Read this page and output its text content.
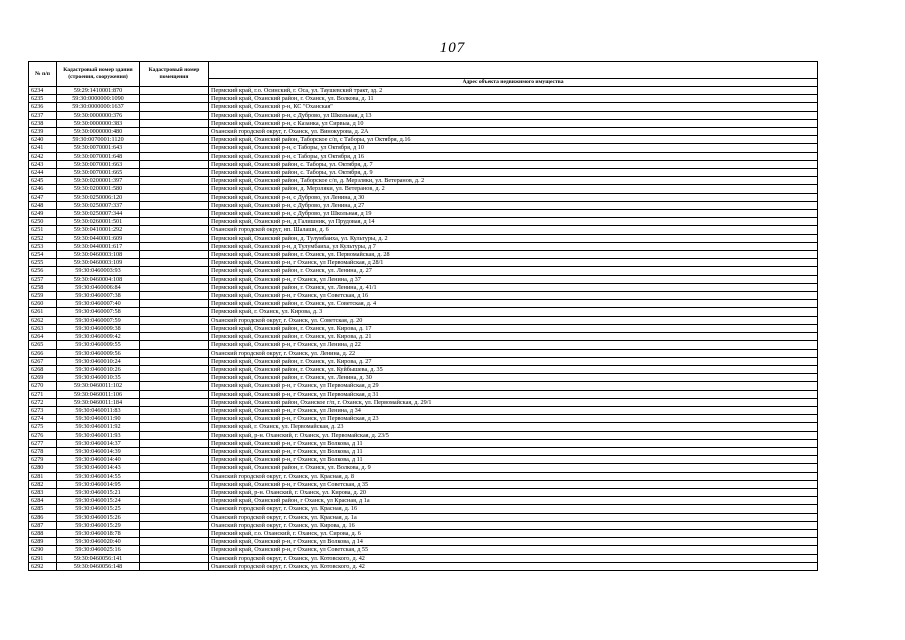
107
№ п/п	Кадастровый номер здания (строения, сооружения)	Кадастровый номер помещения	
			Адрес объекта недвижимого имущества
6234	59:29:1410001:870		Пермский край, г.о. Осинский, г. Оса, ул. Таушевский тракт, зд. 2
6235	59:30:0000000:1090		Пермский край, Оханский район, г. Оханск, ул. Волкова, д. 11
6236	59:30:0000000:1637		Пермский край, Оханский р-н, КС "Оханская"
6237	59:30:0000000:376		Пермский край, Оханский р-н, с Дуброво, ул Школьная, д 13
6238	59:30:0000000:383		Пермский край, Оханский р-н, с Казанка, ул Сирвыа, д 10
6239	59:30:0000000:480		Оханский городской округ, г. Оханск, ул. Винокурова, д. 2А
6240	59:30:0070001:1120		Пермский край, Оханский район, Таборское с/п, с Таборы, ул Октября, д.16
6241	59:30:0070001:643		Пермский край, Оханский р-н, с Таборы, ул Октября, д 10
6242	59:30:0070001:648		Пермский край, Оханский р-н, с Таборы, ул Октября, д 16
6243	59:30:0070001:663		Пермский край, Оханский район, с. Таборы, ул. Октября, д. 7
6244	59:30:0070001:665		Пермский край, Оханский район, с. Таборы, ул. Октября, д. 9
6245	59:30:0200001:397		Пермский край, Оханский район, Таборское с/п, д. Мерзляки, ул. Ветеранов, д. 2
6246	59:30:0200001:580		Пермский край, Оханский район, д. Мерзляки, ул. Ветеранов, д. 2
6247	59:30:0250006:120		Пермский край, Оханский р-н, с Дуброво, ул Ленина, д 30
6248	59:30:0250007:337		Пермский край, Оханский р-н, с Дуброво, ул Ленина, д 27
6249	59:30:0250007:344		Пермский край, Оханский р-н, с Дуброво, ул Школьная, д 19
6250	59:30:0260001:501		Пермский край, Оханский р-н, д Галишник, ул Прудовая, д 14
6251	59:30:0410001:292		Оханский городской округ, нп. Шалашн, д. 6
6252	59:30:0440001:609		Пермский край, Оханский район, д. Тулумбаиха, ул. Культуры, д. 2
6253	59:30:0440001:617		Пермский край, Оханский р-н, д Тулумбаиха, ул Культуры, д 7
6254	59:30:0460003:108		Пермский край, Оханский район, г. Оханск, ул. Первомайская, д. 28
6255	59:30:0460003:109		Пермский край, Оханский р-н, г Оханск, ул Первомайская, д 28/1
6256	59:30:0460003:93		Пермский край, Оханский район, г. Оханск, ул. Ленина, д. 27
6257	59:30:0460004:108		Пермский край, Оханский р-н, г Оханск, ул Ленина, д 37
6258	59:30:0460006:84		Пермский край, Оханский район, г. Оханск, ул. Ленина, д. 41/1
6259	59:30:0460007:38		Пермский край, Оханский р-н, г Оханск, ул Советская, д 16
6260	59:30:0460007:40		Пермский край, Оханский район, г. Оханск, ул. Советская, д. 4
6261	59:30:0460007:58		Пермский край, г. Оханск, ул. Кирова, д. 3
6262	59:30:0460007:59		Оханский городской округ, г. Оханск, ул. Советская, д. 20
6263	59:30:0460009:38		Пермский край, Оханский район, г. Оханск, ул. Кирова, д. 17
6264	59:30:0460009:42		Пермский край, Оханский район, г. Оханск, ул. Кирова, д. 21
6265	59:30:0460009:55		Пермский край, Оханский р-н, г Оханск, ул Ленина, д 22
6266	59:30:0460009:56		Оханский городской округ, г. Оханск, ул. Ленина, д. 22
6267	59:30:0460010:24		Пермский край, Оханский район, г. Оханск, ул. Кирова, д. 27
6268	59:30:0460010:26		Пермский край, Оханский район, г. Оханск, ул. Куйбышева, д. 35
6269	59:30:0460010:35		Пермский край, Оханский район, г. Оханск, ул. Ленина, д. 30
6270	59:30:0460011:102		Пермский край, Оханский р-н, г Оханск, ул Первомайская, д 29
6271	59:30:0460011:106		Пермский край, Оханский р-н, г Оханск, ул Первомайская, д 31
6272	59:30:0460011:184		Пермский край, Оханский район, Оханское г/п, г. Оханск, ул. Первомайская, д. 29/1
6273	59:30:0460011:83		Пермский край, Оханский р-н, г Оханск, ул Ленина, д 34
6274	59:30:0460011:90		Пермский край, Оханский р-н, г Оханск, ул Первомайская, д 23
6275	59:30:0460011:92		Пермский край, г. Оханск, ул. Первомайская, д. 23
6276	59:30:0460011:93		Пермский край, р-н. Оханский, г. Оханск, ул. Первомайская, д. 23/5
6277	59:30:0460014:37		Пермский край, Оханский р-н, г Оханск, ул Волкова, д 11
6278	59:30:0460014:39		Пермский край, Оханский р-н, г Оханск, ул Волкова, д 11
6279	59:30:0460014:40		Пермский край, Оханский р-н, г Оханск, ул Волкова, д 11
6280	59:30:0460014:43		Пермский край, Оханский район, г. Оханск, ул. Волкова, д. 9
6281	59:30:0460014:55		Оханский городской округ, г. Оханск, ул. Красная, д. 8
6282	59:30:0460014:95		Пермский край, Оханский р-н, г Оханск, ул Советская, д 35
6283	59:30:0460015:21		Пермский край, р-н. Оханский, г. Оханск, ул. Кирова, д. 20
6284	59:30:0460015:24		Пермский край, Оханский район, г Оханск, ул Красная, д 1а
6285	59:30:0460015:25		Оханский городской округ, г. Оханск, ул. Красная, д. 16
6286	59:30:0460015:26		Оханский городской округ, г. Оханск, ул. Красная, д. 1а
6287	59:30:0460015:29		Оханский городской округ, г. Оханск, ул. Кирова, д. 16
6288	59:30:0460018:78		Пермский край, г.о. Оханский, г. Оханск, ул. Сирова, д. 6
6289	59:30:0460020:40		Пермский край, Оханский р-н, г Оханск, ул Волкова, д 14
6290	59:30:0460025:16		Пермский край, Оханский р-н, г Оханск, ул Советская, д 55
6291	59:30:0460056:141		Оханский городской округ, г. Оханск, ул. Котовского, д. 42
6292	59:30:0460056:148		Оханский городской округ, г. Оханск, ул. Котовского, д. 42
